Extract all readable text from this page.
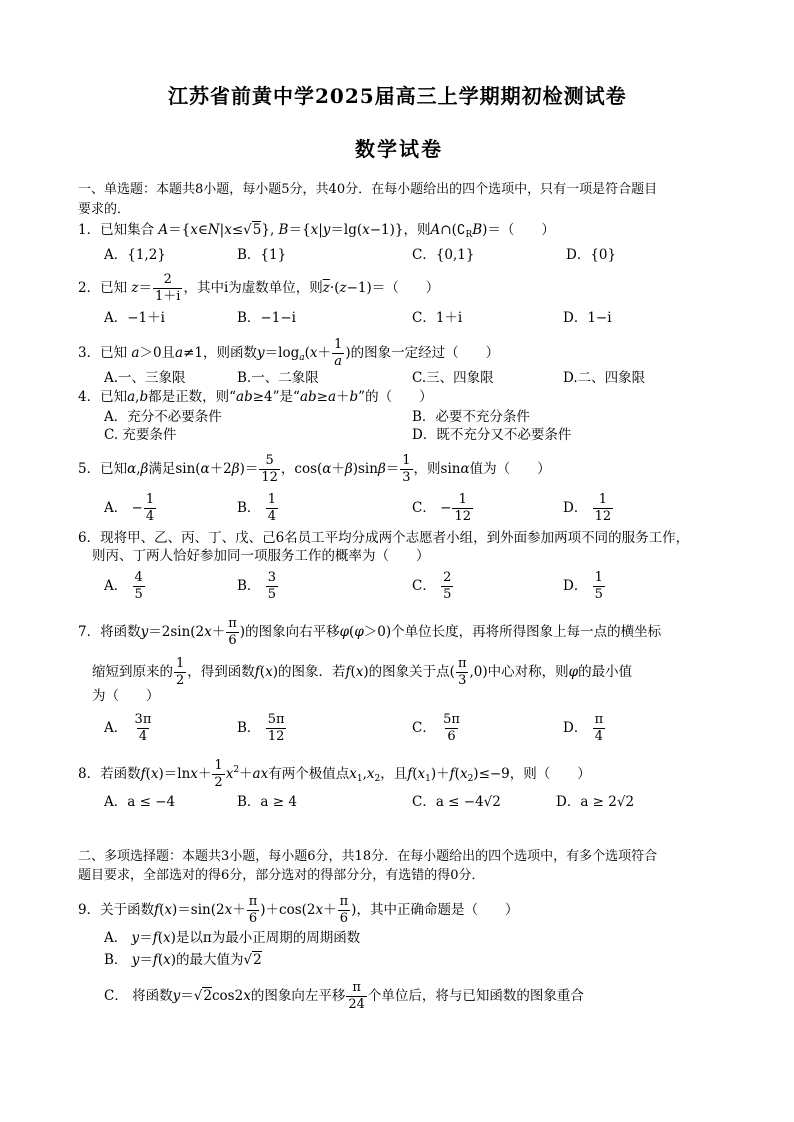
江苏省前黄中学2025届高三上学期期初检测试卷
数学试卷
一、单选题：本题共8小题，每小题5分，共40分．在每小题给出的四个选项中，只有一项是符合题目
要求的．
1．已知集合 A＝{x∈N|x≤√5}, B＝{x|y＝lg(x−1)}，则$A\cap(∁_RB)=$（　　）
A．{1,2}	B．{1}	C．{0,1}	D．{0}
2．已知 $z= \frac{2}{1+i}$ ，其中i为虚数单位，则$\overline{z}\cdot(z-1)=$（　　）
A．−1＋i	B．−1−i	C．1＋i	D．1−i
3．已知 a＞0且a≠1，则函数$y=\log_a(x+ \frac{1}{a}$ )的图象一定经过（　　）
A.一、三象限	B.一、二象限	C.三、四象限	D.二、四象限
4．已知a,b都是正数，则“ab≥4”是“ab≥a＋b”的（　　）
A．充分不必要条件	B．必要不充分条件
C. 充要条件	D．既不充分又不必要条件
5．已知α,β满足$\sin(\alpha+2\beta)= \frac{5}{12}$ ，$\cos(\alpha+\beta)\sin\beta= \frac{1}{3}$ ，则sinα值为（　　）
A． − $\frac{1}{4}$	B． $\frac{1}{4}$	C． − $\frac{1}{12}$	D． $\frac{1}{12}$
6．现将甲、乙、丙、丁、戊、己6名员工平均分成两个志愿者小组，到外面参加两项不同的服务工作，
则丙、丁两人恰好参加同一项服务工作的概率为（　　）
A． $\frac{4}{5}$	B． $\frac{3}{5}$	C． $\frac{2}{5}$	D． $\frac{1}{5}$
7．将函数$y=2\sin(2x+ \frac{\pi}{6}$ )的图象向右平移φ(φ＞0)个单位长度，再将所得图象上每一点的横坐标
缩短到原来的 $\frac{1}{2}$ ，得到函数f(x)的图象．若f(x)的图象关于点( $\frac{\pi}{3} ,0$)中心对称，则φ的最小值
为（　　）
A． $\frac{3\pi}{4}$	B． $\frac{5\pi}{12}$	C． $\frac{5\pi}{6}$	D． $\frac{\pi}{4}$
8．若函数$f(x)=\ln x+ \frac{1}{2} x^2+ax$有两个极值点$x_1,x_2$，且$f(x_1)+f(x_2)\le-9$，则（　　）
A．a ≤ −4	B．a ≥ 4	C．a ≤ −4√2	D．a ≥ 2√2
二、多项选择题：本题共3小题，每小题6分，共18分．在每小题给出的四个选项中，有多个选项符合
题目要求，全部选对的得6分，部分选对的得部分分，有选错的得0分．
9．关于函数$f(x)=\sin(2x+ \frac{\pi}{6} )+\cos(2x+ \frac{\pi}{6}$ )，其中正确命题是（　　）
A． y＝f(x)是以π为最小正周期的周期函数
B． y＝f(x)的最大值为√2
C． 将函数y＝√2cos2x的图象向左平移 $\frac{\pi}{24}$ 个单位后，将与已知函数的图象重合
